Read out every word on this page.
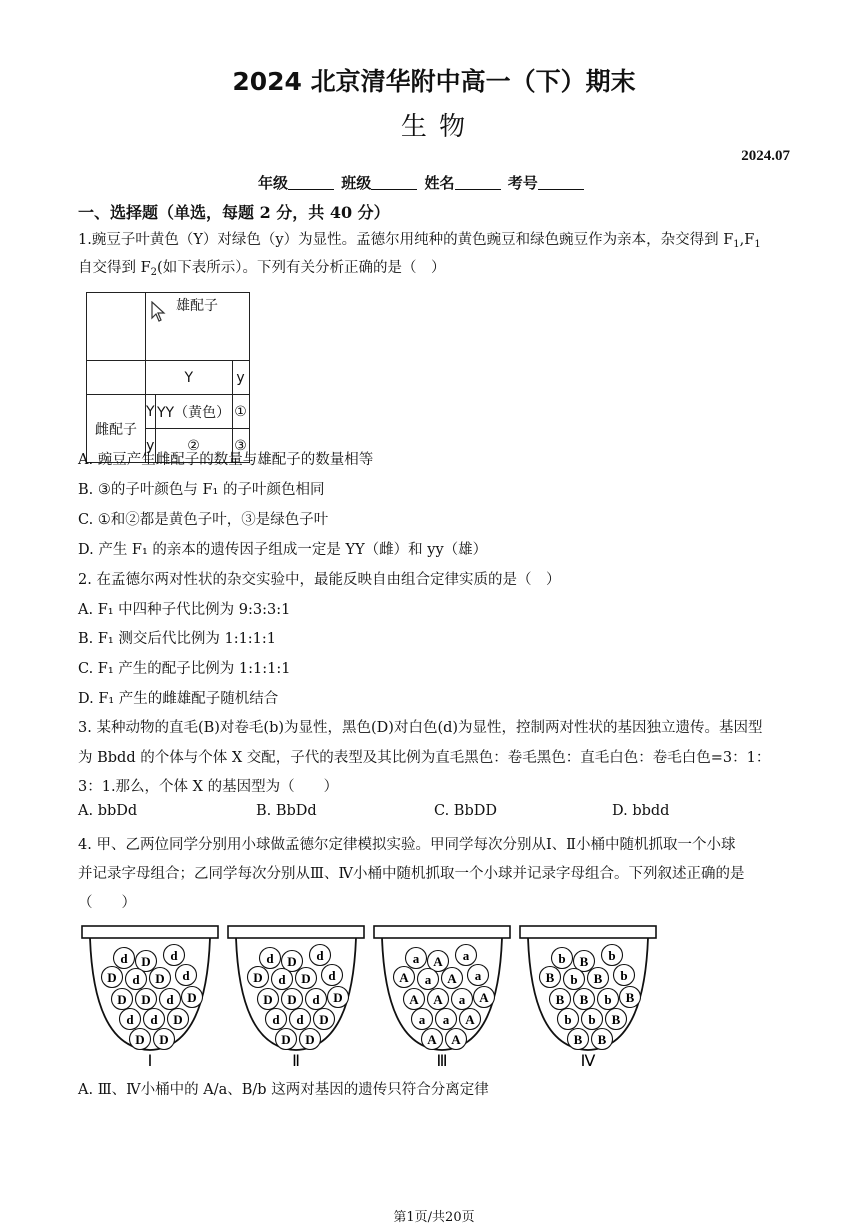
2024 北京清华附中高一（下）期末
生 物
2024.07
年级	班级	姓名	考号
一、选择题（单选，每题 2 分，共 40 分）
1.豌豆子叶黄色（Y）对绿色（y）为显性。孟德尔用纯种的黄色豌豆和绿色豌豆作为亲本，杂交得到 $F_1,F_1$
自交得到 $F_2$(如下表所示）。下列有关分析正确的是（　）

雄配子		

	Y		y
雌配子	Y	YY（黄色）	①
	y	②	③
A. 豌豆产生雌配子的数量与雄配子的数量相等
B. ③的子叶颜色与 F₁ 的子叶颜色相同
C. ①和②都是黄色子叶，③是绿色子叶
D. 产生 F₁ 的亲本的遗传因子组成一定是 YY（雌）和 yy（雄）
2. 在孟德尔两对性状的杂交实验中，最能反映自由组合定律实质的是（　）
A. F₁ 中四种子代比例为 9:3:3:1
B. F₁ 测交后代比例为 1:1:1:1
C. F₁ 产生的配子比例为 1:1:1:1
D. F₁ 产生的雌雄配子随机结合
3. 某种动物的直毛(B)对卷毛(b)为显性，黑色(D)对白色(d)为显性，控制两对性状的基因独立遗传。基因型
为 Bbdd 的个体与个体 X 交配，子代的表型及其比例为直毛黑色：卷毛黑色：直毛白色：卷毛白色=3：1：
3：1.那么，个体 X 的基因型为（　　）
A. bbDd	B. BbDd	C. BbDD	D. bbdd
4. 甲、乙两位同学分别用小球做孟德尔定律模拟实验。甲同学每次分别从Ⅰ、Ⅱ小桶中随机抓取一个小球
并记录字母组合；乙同学每次分别从Ⅲ、Ⅳ小桶中随机抓取一个小球并记录字母组合。下列叙述正确的是
（　　）
d D d
D d D d
D D d D
d d D
D D
Ⅰ
d D d
D d D d
D D d D
d d D
D D
Ⅱ
a A a
A a A a
A A a A
a a A
A A
Ⅲ
b B b
B b B b
B B b B
b b B
B B
Ⅳ
A. Ⅲ、Ⅳ小桶中的 A/a、B/b 这两对基因的遗传只符合分离定律
第1页/共20页
